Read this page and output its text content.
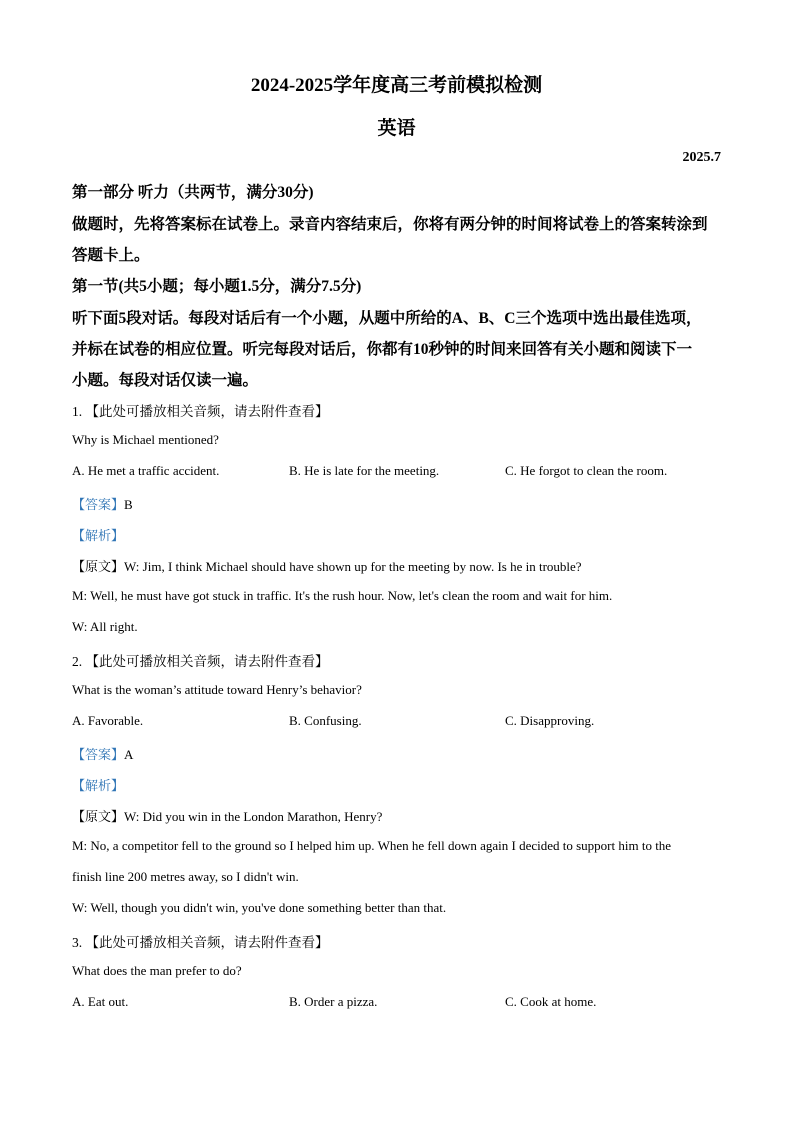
2024-2025学年度高三考前模拟检测
英语
2025.7
第一部分 听力（共两节，满分30分)
做题时，先将答案标在试卷上。录音内容结束后，你将有两分钟的时间将试卷上的答案转涂到
答题卡上。
第一节(共5小题；每小题1.5分，满分7.5分)
听下面5段对话。每段对话后有一个小题，从题中所给的A、B、C三个选项中选出最佳选项，
并标在试卷的相应位置。听完每段对话后，你都有10秒钟的时间来回答有关小题和阅读下一
小题。每段对话仅读一遍。
1. 【此处可播放相关音频，请去附件查看】
Why is Michael mentioned?
A. He met a traffic accident.	B. He is late for the meeting.	C. He forgot to clean the room.
【答案】B
【解析】
【原文】W: Jim, I think Michael should have shown up for the meeting by now. Is he in trouble?
M: Well, he must have got stuck in traffic. It's the rush hour. Now, let's clean the room and wait for him.
W: All right.
2. 【此处可播放相关音频，请去附件查看】
What is the woman’s attitude toward Henry’s behavior?
A. Favorable.	B. Confusing.	C. Disapproving.
【答案】A
【解析】
【原文】W: Did you win in the London Marathon, Henry?
M: No, a competitor fell to the ground so I helped him up. When he fell down again I decided to support him to the
finish line 200 metres away, so I didn't win.
W: Well, though you didn't win, you've done something better than that.
3. 【此处可播放相关音频，请去附件查看】
What does the man prefer to do?
A. Eat out.	B. Order a pizza.	C. Cook at home.
